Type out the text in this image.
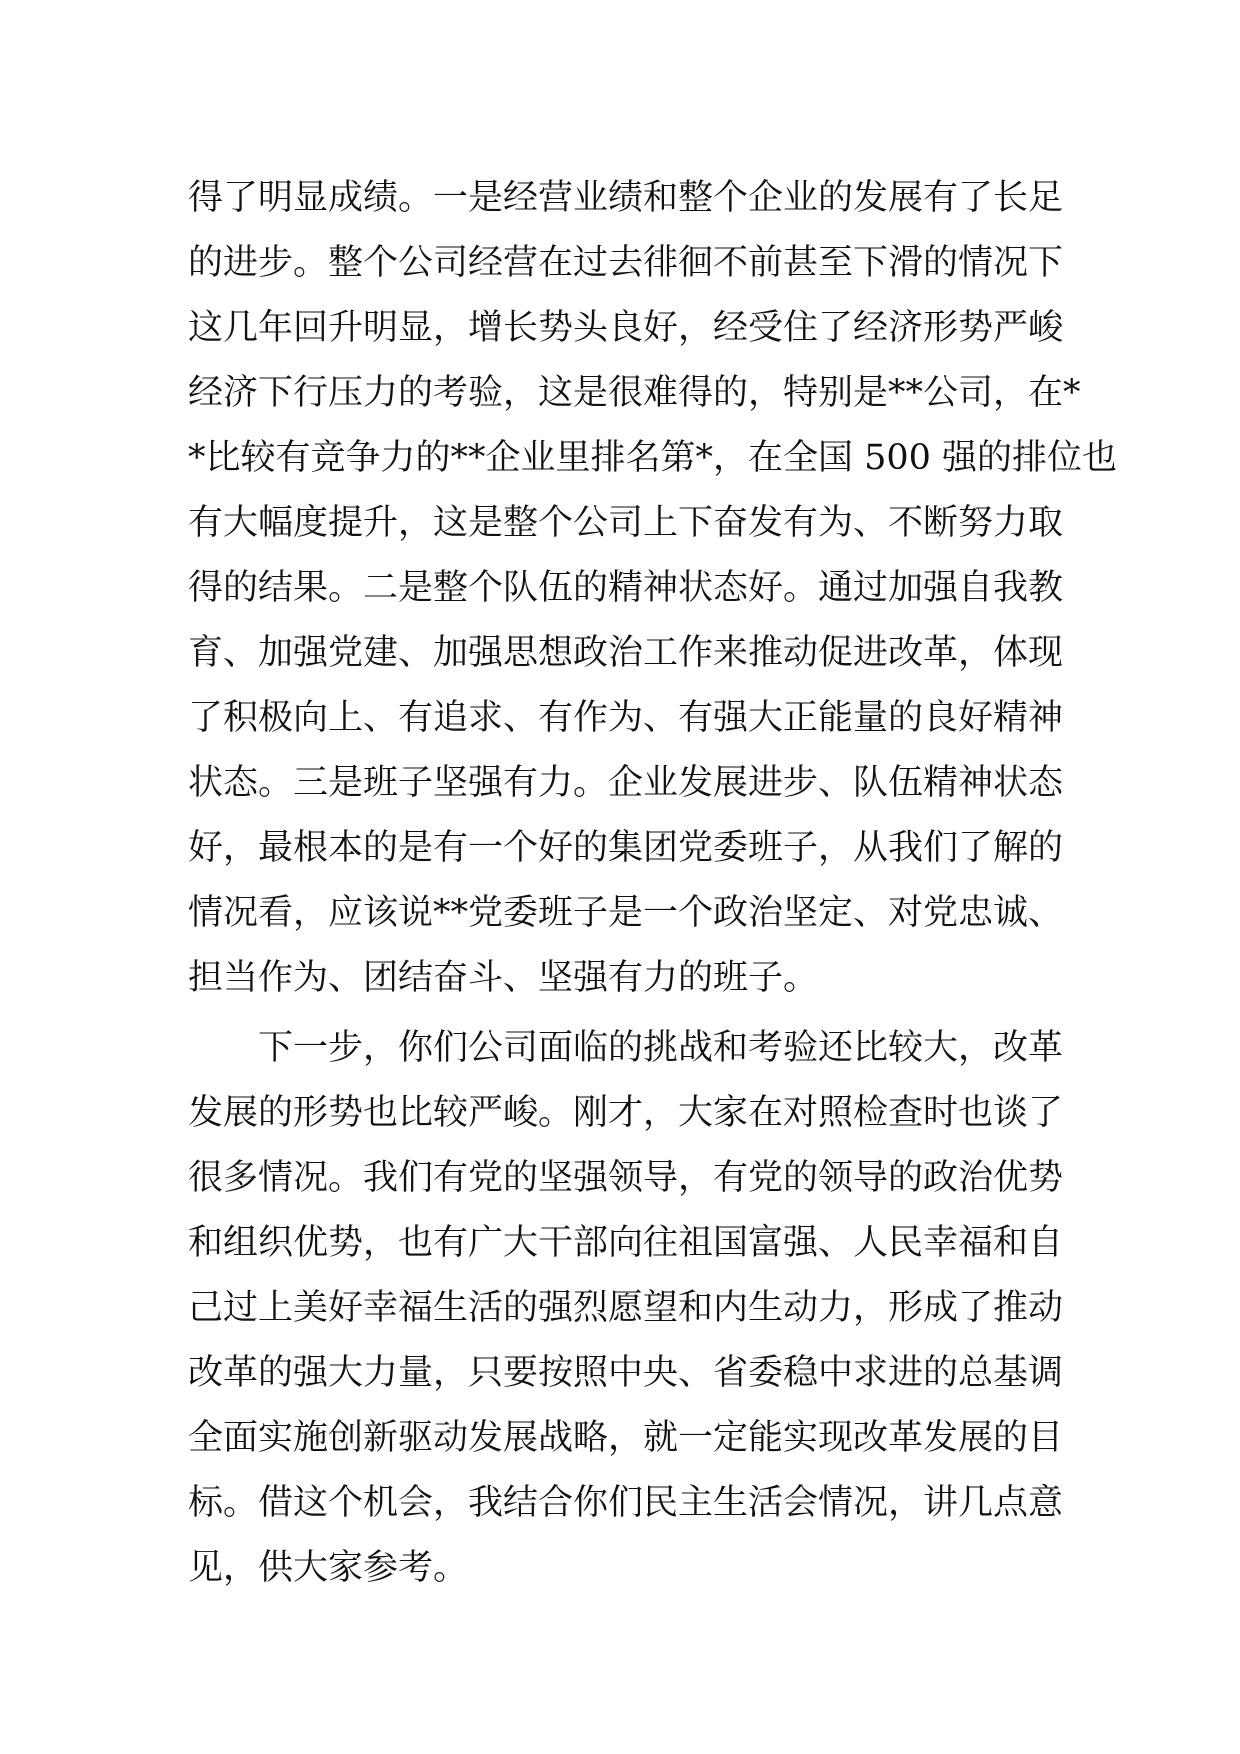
得了明显成绩。一是经营业绩和整个企业的发展有了长足
的进步。整个公司经营在过去徘徊不前甚至下滑的情况下
这几年回升明显，增长势头良好，经受住了经济形势严峻
经济下行压力的考验，这是很难得的，特别是**公司，在*
*比较有竞争力的**企业里排名第*，在全国 500 强的排位也
有大幅度提升，这是整个公司上下奋发有为、不断努力取
得的结果。二是整个队伍的精神状态好。通过加强自我教
育、加强党建、加强思想政治工作来推动促进改革，体现
了积极向上、有追求、有作为、有强大正能量的良好精神
状态。三是班子坚强有力。企业发展进步、队伍精神状态
好，最根本的是有一个好的集团党委班子，从我们了解的
情况看，应该说**党委班子是一个政治坚定、对党忠诚、
担当作为、团结奋斗、坚强有力的班子。

　　下一步，你们公司面临的挑战和考验还比较大，改革
发展的形势也比较严峻。刚才，大家在对照检查时也谈了
很多情况。我们有党的坚强领导，有党的领导的政治优势
和组织优势，也有广大干部向往祖国富强、人民幸福和自
己过上美好幸福生活的强烈愿望和内生动力，形成了推动
改革的强大力量，只要按照中央、省委稳中求进的总基调
全面实施创新驱动发展战略，就一定能实现改革发展的目
标。借这个机会，我结合你们民主生活会情况，讲几点意
见，供大家参考。
